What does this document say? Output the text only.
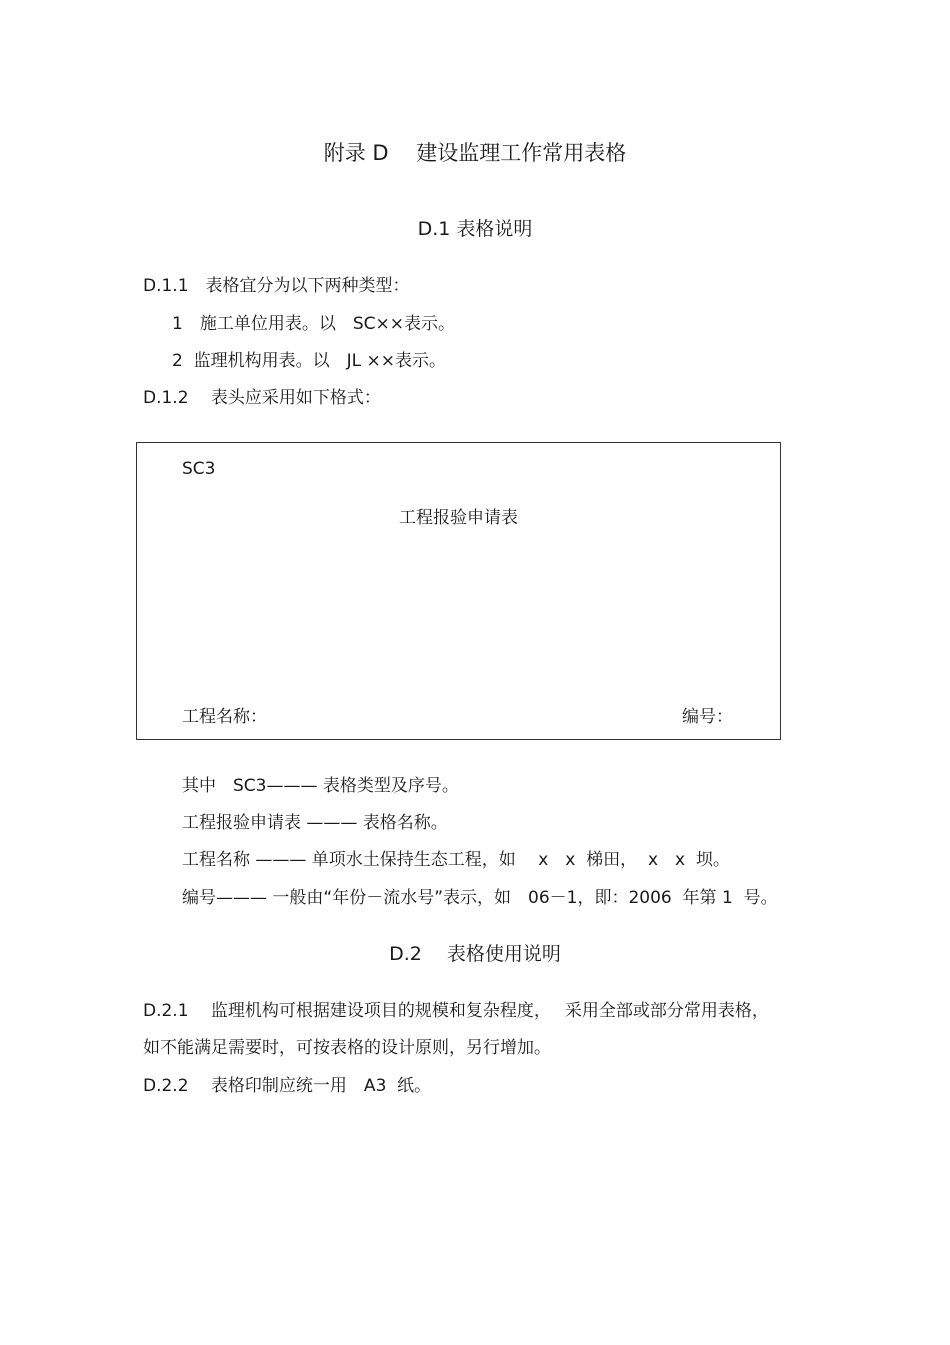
附录 D　 建设监理工作常用表格
D.1 表格说明
D.1.1　表格宜分为以下两种类型：
1　施工单位用表。以　SC××表示。
2  监理机构用表。以　JL ××表示。
D.1.2　 表头应采用如下格式：
SC3
工程报验申请表
工程名称：	编号：
其中　SC3——— 表格类型及序号。
工程报验申请表 ——— 表格名称。
工程名称 ——— 单项水土保持生态工程，如　 x　x  梯田，  x　x  坝。
编号——— 一般由“年份－流水号”表示，如　06－1，即：2006  年第 1  号。
D.2　 表格使用说明
D.2.1　 监理机构可根据建设项目的规模和复杂程度，　 采用全部或部分常用表格，
如不能满足需要时，可按表格的设计原则，另行增加。
D.2.2　 表格印制应统一用　A3  纸。
